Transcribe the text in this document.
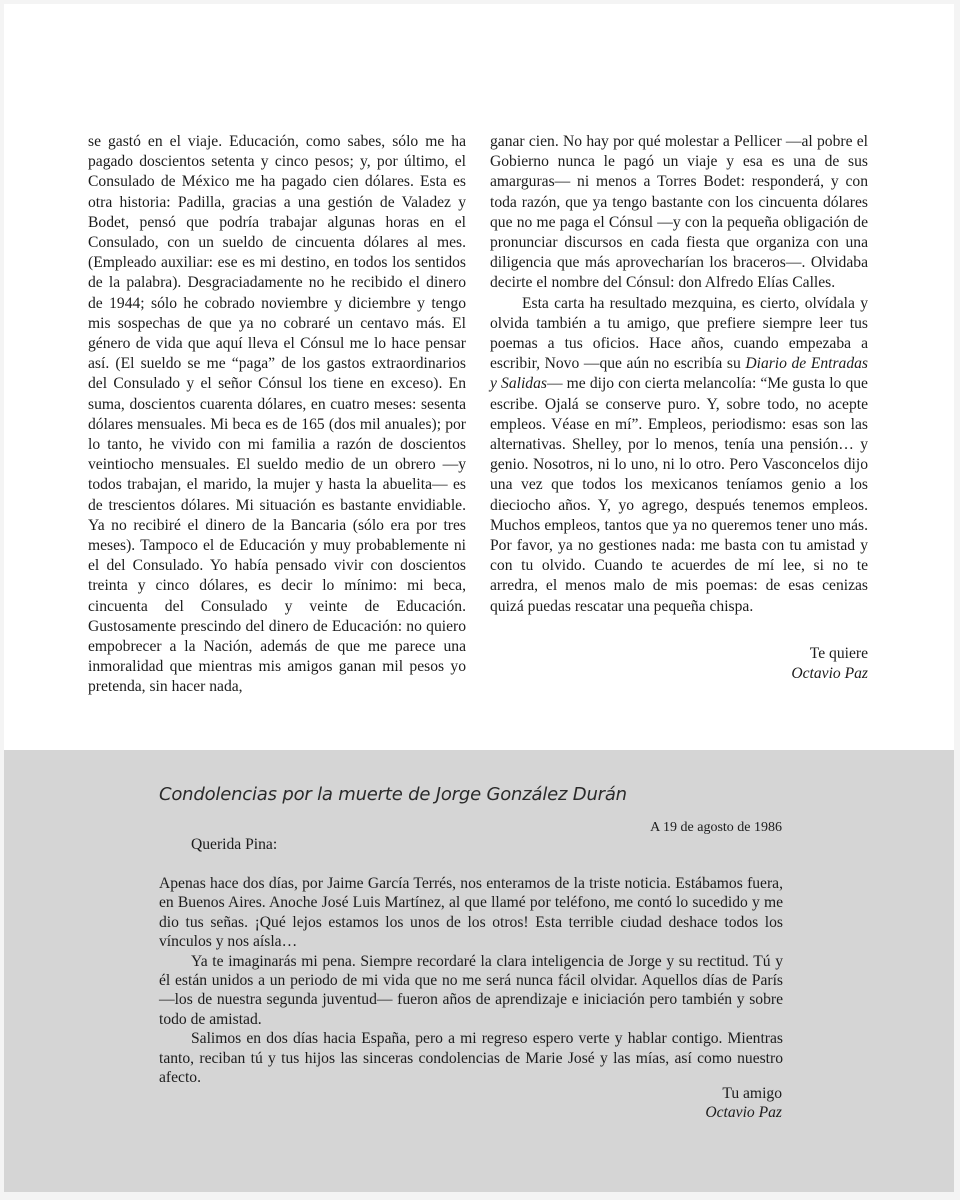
se gastó en el viaje. Educación, como sabes, sólo me ha pagado doscientos setenta y cinco pesos; y, por último, el Consulado de México me ha pagado cien dólares. Esta es otra historia: Padilla, gracias a una gestión de Valadez y Bodet, pensó que podría trabajar algunas horas en el Consulado, con un sueldo de cincuenta dólares al mes. (Empleado auxiliar: ese es mi destino, en todos los sentidos de la palabra). Desgraciadamente no he recibido el dinero de 1944; sólo he cobrado noviembre y diciembre y tengo mis sospechas de que ya no cobraré un centavo más. El género de vida que aquí lleva el Cónsul me lo hace pensar así. (El sueldo se me “paga” de los gastos extraordinarios del Consulado y el señor Cónsul los tiene en exceso). En suma, doscientos cuarenta dólares, en cuatro meses: sesenta dólares mensuales. Mi beca es de 165 (dos mil anuales); por lo tanto, he vivido con mi familia a razón de doscientos veintiocho mensuales. El sueldo medio de un obrero —y todos trabajan, el marido, la mujer y hasta la abuelita— es de trescientos dólares. Mi situación es bastante envidiable. Ya no recibiré el dinero de la Bancaria (sólo era por tres meses). Tampoco el de Educación y muy probablemente ni el del Consulado. Yo había pensado vivir con doscientos treinta y cinco dólares, es decir lo mínimo: mi beca, cincuenta del Consulado y veinte de Educación. Gustosamente prescindo del dinero de Educación: no quiero empobrecer a la Nación, además de que me parece una inmoralidad que mientras mis amigos ganan mil pesos yo pretenda, sin hacer nada,

ganar cien. No hay por qué molestar a Pellicer —al pobre el Gobierno nunca le pagó un viaje y esa es una de sus amarguras— ni menos a Torres Bodet: responderá, y con toda razón, que ya tengo bastante con los cincuenta dólares que no me paga el Cónsul —y con la pequeña obligación de pronunciar discursos en cada fiesta que organiza con una diligencia que más aprovecharían los braceros—. Olvidaba decirte el nombre del Cónsul: don Alfredo Elías Calles.

Esta carta ha resultado mezquina, es cierto, olvídala y olvida también a tu amigo, que prefiere siempre leer tus poemas a tus oficios. Hace años, cuando empezaba a escribir, Novo —que aún no escribía su Diario de Entradas y Salidas— me dijo con cierta melancolía: “Me gusta lo que escribe. Ojalá se conserve puro. Y, sobre todo, no acepte empleos. Véase en mí”. Empleos, periodismo: esas son las alternativas. Shelley, por lo menos, tenía una pensión… y genio. Nosotros, ni lo uno, ni lo otro. Pero Vasconcelos dijo una vez que todos los mexicanos teníamos genio a los dieciocho años. Y, yo agrego, después tenemos empleos. Muchos empleos, tantos que ya no queremos tener uno más. Por favor, ya no gestiones nada: me basta con tu amistad y con tu olvido. Cuando te acuerdes de mí lee, si no te arredra, el menos malo de mis poemas: de esas cenizas quizá puedas rescatar una pequeña chispa.

Te quiere
Octavio Paz
Condolencias por la muerte de Jorge González Durán
A 19 de agosto de 1986
Querida Pina:

Apenas hace dos días, por Jaime García Terrés, nos enteramos de la triste noticia. Estábamos fuera, en Buenos Aires. Anoche José Luis Martínez, al que llamé por teléfono, me contó lo sucedido y me dio tus señas. ¡Qué lejos estamos los unos de los otros! Esta terrible ciudad deshace todos los vínculos y nos aísla…

Ya te imaginarás mi pena. Siempre recordaré la clara inteligencia de Jorge y su rectitud. Tú y él están unidos a un periodo de mi vida que no me será nunca fácil olvidar. Aquellos días de París —los de nuestra segunda juventud— fueron años de aprendizaje e iniciación pero también y sobre todo de amistad.

Salimos en dos días hacia España, pero a mi regreso espero verte y hablar contigo. Mientras tanto, reciban tú y tus hijos las sinceras condolencias de Marie José y las mías, así como nuestro afecto.

Tu amigo
Octavio Paz
